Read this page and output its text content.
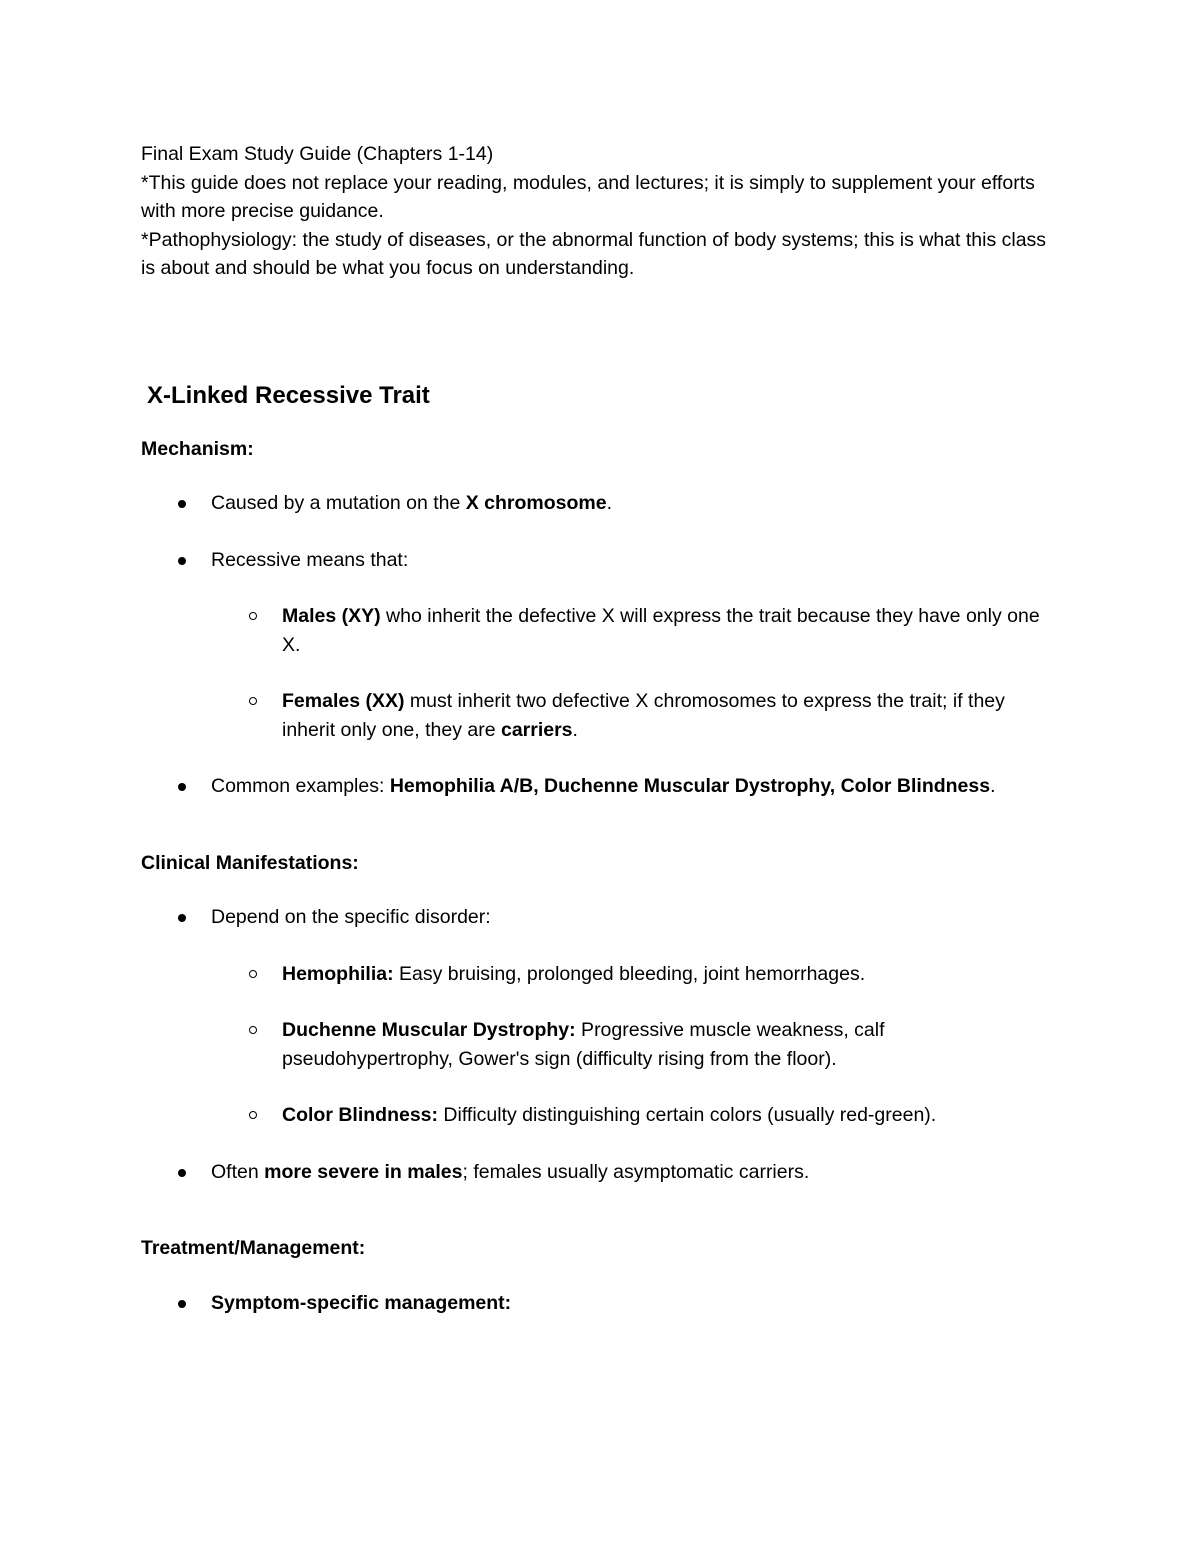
Final Exam Study Guide (Chapters 1-14)

*This guide does not replace your reading, modules, and lectures; it is simply to supplement your efforts with more precise guidance.

*Pathophysiology: the study of diseases, or the abnormal function of body systems; this is what this class is about and should be what you focus on understanding.

X-Linked Recessive Trait

Mechanism:

Caused by a mutation on the X chromosome.
Recessive means that:
Males (XY) who inherit the defective X will express the trait because they have only one X.
Females (XX) must inherit two defective X chromosomes to express the trait; if they inherit only one, they are carriers.
Common examples: Hemophilia A/B, Duchenne Muscular Dystrophy, Color Blindness.

Clinical Manifestations:

Depend on the specific disorder:
Hemophilia: Easy bruising, prolonged bleeding, joint hemorrhages.
Duchenne Muscular Dystrophy: Progressive muscle weakness, calf pseudohypertrophy, Gower's sign (difficulty rising from the floor).
Color Blindness: Difficulty distinguishing certain colors (usually red-green).
Often more severe in males; females usually asymptomatic carriers.

Treatment/Management:

Symptom-specific management:
